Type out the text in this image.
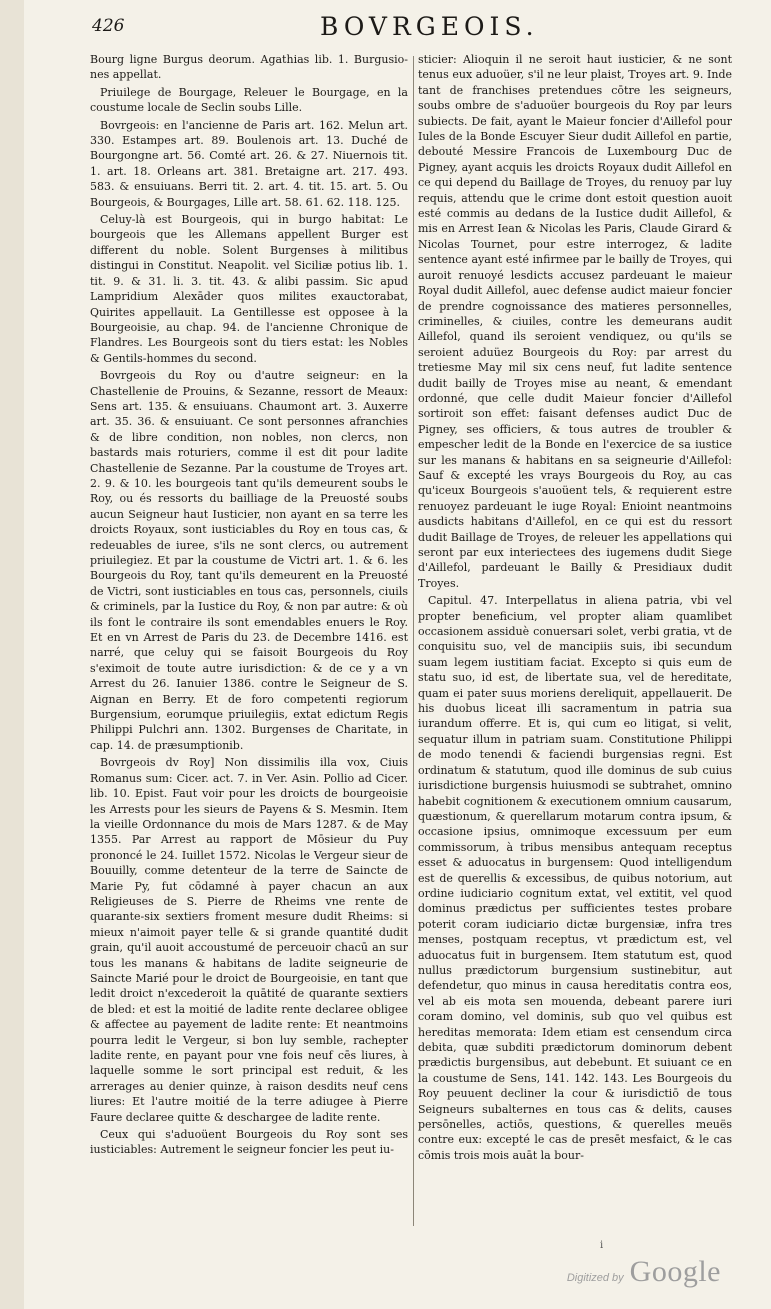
426	BOVRGEOIS.

Bourg ligne Burgus deorum. Agathias lib. 1. Burgusio-nes appellat.

Priuilege de Bourgage, Releuer le Bourgage, en la coustume locale de Seclin soubs Lille.

Bovrgeois: en l'ancienne de Paris art. 162. Melun art. 330. Estampes art. 89. Boulenois art. 13. Duché de Bourgongne art. 56. Comté art. 26. & 27. Niuernois tit. 1. art. 18. Orleans art. 381. Bretaigne art. 217. 493. 583. & ensuiuans. Berri tit. 2. art. 4. tit. 15. art. 5. Ou Bourgeois, & Bourgages, Lille art. 58. 61. 62. 118. 125.

Celuy-là est Bourgeois, qui in burgo habitat: Le bourgeois que les Allemans appellent Burger est different du noble. Solent Burgenses à militibus distingui in Constitut. Neapolit. vel Siciliæ potius lib. 1. tit. 9. & 31. li. 3. tit. 43. & alibi passim. Sic apud Lampridium Alexāder quos milites exauctorabat, Quirites appellauit. La Gentillesse est opposee à la Bourgeoisie, au chap. 94. de l'ancienne Chronique de Flandres. Les Bourgeois sont du tiers estat: les Nobles & Gentils-hommes du second.

Bovrgeois du Roy ou d'autre seigneur: en la Chastellenie de Prouins, & Sezanne, ressort de Meaux: Sens art. 135. & ensuiuans. Chaumont art. 3. Auxerre art. 35. 36. & ensuiuant. Ce sont personnes afranchies & de libre condition, non nobles, non clercs, non bastards mais roturiers, comme il est dit pour ladite Chastellenie de Sezanne. Par la coustume de Troyes art. 2. 9. & 10. les bourgeois tant qu'ils demeurent soubs le Roy, ou és ressorts du bailliage de la Preuosté soubs aucun Seigneur haut Iusticier, non ayant en sa terre les droicts Royaux, sont iusticiables du Roy en tous cas, & redeuables de iuree, s'ils ne sont clercs, ou autrement priuilegiez. Et par la coustume de Victri art. 1. & 6. les Bourgeois du Roy, tant qu'ils demeurent en la Preuosté de Victri, sont iusticiables en tous cas, personnels, ciuils & criminels, par la Iustice du Roy, & non par autre: & où ils font le contraire ils sont emendables enuers le Roy. Et en vn Arrest de Paris du 23. de Decembre 1416. est narré, que celuy qui se faisoit Bourgeois du Roy s'eximoit de toute autre iurisdiction: & de ce y a vn Arrest du 26. Ianuier 1386. contre le Seigneur de S. Aignan en Berry. Et de foro competenti regiorum Burgensium, eorumque priuilegiis, extat edictum Regis Philippi Pulchri ann. 1302. Burgenses de Charitate, in cap. 14. de præsumptionib.

Bovrgeois dv Roy] Non dissimilis illa vox, Ciuis Romanus sum: Cicer. act. 7. in Ver. Asin. Pollio ad Cicer. lib. 10. Epist. Faut voir pour les droicts de bourgeoisie les Arrests pour les sieurs de Payens & S. Mesmin. Item la vieille Ordonnance du mois de Mars 1287. & de May 1355. Par Arrest au rapport de Mōsieur du Puy prononcé le 24. Iuillet 1572. Nicolas le Vergeur sieur de Bouuilly, comme detenteur de la terre de Saincte de Marie Py, fut cōdamné à payer chacun an aux Religieuses de S. Pierre de Rheims vne rente de quarante-six sextiers froment mesure dudit Rheims: si mieux n'aimoit payer telle & si grande quantité dudit grain, qu'il auoit accoustumé de perceuoir chacū an sur tous les manans & habitans de ladite seigneurie de Saincte Marié pour le droict de Bourgeoisie, en tant que ledit droict n'excederoit la quātité de quarante sextiers de bled: et est la moitié de ladite rente declaree obligee & affectee au payement de ladite rente: Et neantmoins pourra ledit le Vergeur, si bon luy semble, rachepter ladite rente, en payant pour vne fois neuf cēs liures, à laquelle somme le sort principal est reduit, & les arrerages au denier quinze, à raison desdits neuf cens liures: Et l'autre moitié de la terre adiugee à Pierre Faure declaree quitte & deschargee de ladite rente.

Ceux qui s'aduoüent Bourgeois du Roy sont ses iusticiables: Autrement le seigneur foncier les peut iu-

sticier: Alioquin il ne seroit haut iusticier, & ne sont tenus eux aduoüer, s'il ne leur plaist, Troyes art. 9. Inde tant de franchises pretendues cōtre les seigneurs, soubs ombre de s'aduoüer bourgeois du Roy par leurs subiects. De fait, ayant le Maieur foncier d'Aillefol pour Iules de la Bonde Escuyer Sieur dudit Aillefol en partie, debouté Messire Francois de Luxembourg Duc de Pigney, ayant acquis les droicts Royaux dudit Aillefol en ce qui depend du Baillage de Troyes, du renuoy par luy requis, attendu que le crime dont estoit question auoit esté commis au dedans de la Iustice dudit Aillefol, & mis en Arrest Iean & Nicolas les Paris, Claude Girard & Nicolas Tournet, pour estre interrogez, & ladite sentence ayant esté infirmee par le bailly de Troyes, qui auroit renuoyé lesdicts accusez pardeuant le maieur Royal dudit Aillefol, auec defense audict maieur foncier de prendre cognoissance des matieres personnelles, criminelles, & ciuiles, contre les demeurans audit Aillefol, quand ils seroient vendiquez, ou qu'ils se seroient aduüez Bourgeois du Roy: par arrest du tretiesme May mil six cens neuf, fut ladite sentence dudit bailly de Troyes mise au neant, & emendant ordonné, que celle dudit Maieur foncier d'Aillefol sortiroit son effet: faisant defenses audict Duc de Pigney, ses officiers, & tous autres de troubler & empescher ledit de la Bonde en l'exercice de sa iustice sur les manans & habitans en sa seigneurie d'Aillefol: Sauf & excepté les vrays Bourgeois du Roy, au cas qu'iceux Bourgeois s'auoüent tels, & requierent estre renuoyez pardeuant le iuge Royal: Enioint neantmoins ausdicts habitans d'Aillefol, en ce qui est du ressort dudit Baillage de Troyes, de releuer les appellations qui seront par eux interiectees des iugemens dudit Siege d'Aillefol, pardeuant le Bailly & Presidiaux dudit Troyes.

Capitul. 47. Interpellatus in aliena patria, vbi vel propter beneficium, vel propter aliam quamlibet occasionem assiduè conuersari solet, verbi gratia, vt de conquisitu suo, vel de mancipiis suis, ibi secundum suam legem iustitiam faciat. Excepto si quis eum de statu suo, id est, de libertate sua, vel de hereditate, quam ei pater suus moriens dereliquit, appellauerit. De his duobus liceat illi sacramentum in patria sua iurandum offerre. Et is, qui cum eo litigat, si velit, sequatur illum in patriam suam. Constitutione Philippi de modo tenendi & faciendi burgensias regni. Est ordinatum & statutum, quod ille dominus de sub cuius iurisdictione burgensis huiusmodi se subtrahet, omnino habebit cognitionem & executionem omnium causarum, quæstionum, & querellarum motarum contra ipsum, & occasione ipsius, omnimoque excessuum per eum commissorum, à tribus mensibus antequam receptus esset & aduocatus in burgensem: Quod intelligendum est de querellis & excessibus, de quibus notorium, aut ordine iudiciario cognitum extat, vel extitit, vel quod dominus prædictus per sufficientes testes probare poterit coram iudiciario dictæ burgensiæ, infra tres menses, postquam receptus, vt prædictum est, vel aduocatus fuit in burgensem. Item statutum est, quod nullus prædictorum burgensium sustinebitur, aut defendetur, quo minus in causa hereditatis contra eos, vel ab eis mota sen mouenda, debeant parere iuri coram domino, vel dominis, sub quo vel quibus est hereditas memorata: Idem etiam est censendum circa debita, quæ subditi prædictorum dominorum debent prædictis burgensibus, aut debebunt. Et suiuant ce en la coustume de Sens, 141. 142. 143. Les Bourgeois du Roy peuuent decliner la cour & iurisdictiō de tous Seigneurs subalternes en tous cas & delits, causes persōnelles, actiōs, questions, & querelles meuës contre eux: excepté le cas de presēt mesfaict, & le cas cōmis trois mois auāt la bour-

i
Digitized by Google
